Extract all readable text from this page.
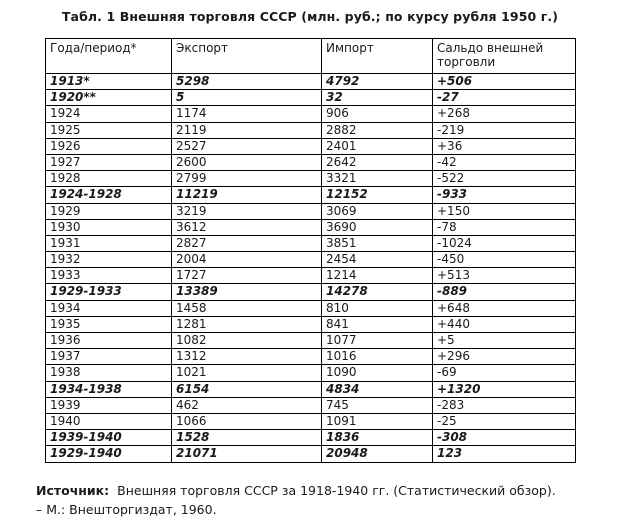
Табл. 1 Внешняя торговля СССР (млн. руб.; по курсу рубля 1950 г.)
Года/период*	Экспорт	Импорт	Сальдо внешней торговли
1913*	5298	4792	+506
1920**	5	32	-27
1924	1174	906	+268
1925	2119	2882	-219
1926	2527	2401	+36
1927	2600	2642	-42
1928	2799	3321	-522
1924-1928	11219	12152	-933
1929	3219	3069	+150
1930	3612	3690	-78
1931	2827	3851	-1024
1932	2004	2454	-450
1933	1727	1214	+513
1929-1933	13389	14278	-889
1934	1458	810	+648
1935	1281	841	+440
1936	1082	1077	+5
1937	1312	1016	+296
1938	1021	1090	-69
1934-1938	6154	4834	+1320
1939	462	745	-283
1940	1066	1091	-25
1939-1940	1528	1836	-308
1929-1940	21071	20948	123
Источник: Внешняя торговля СССР за 1918-1940 гг. (Статистический обзор).
– М.: Внешторгиздат, 1960.
